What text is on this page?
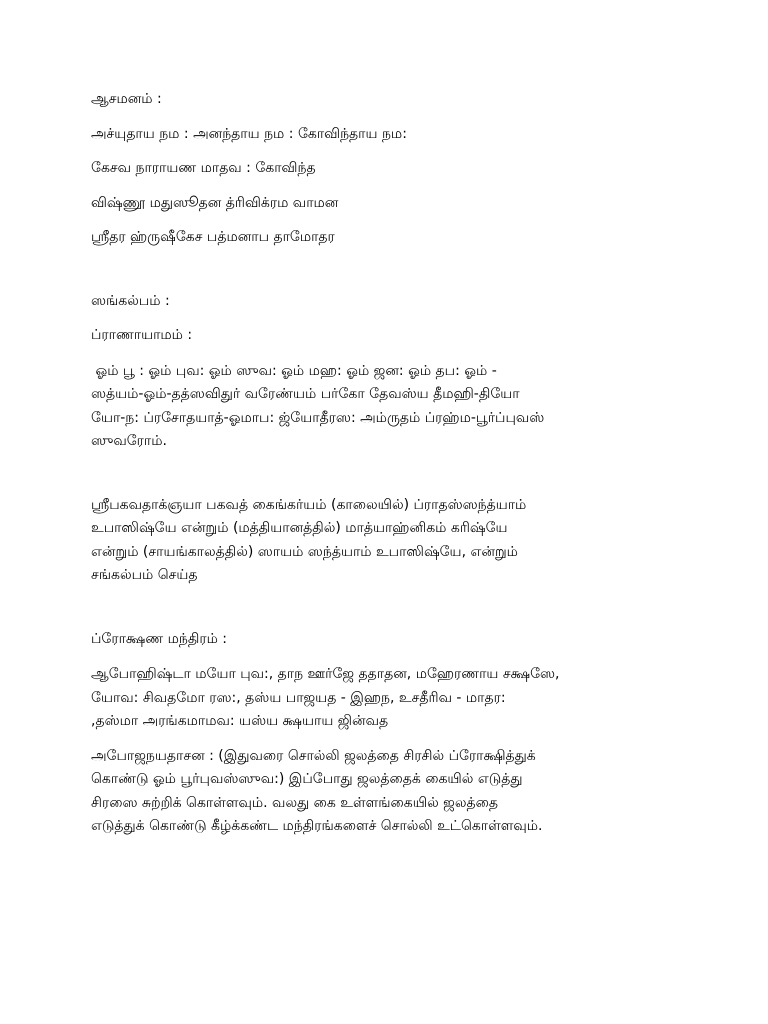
ஆசமனம் :

அச்யுதாய நம : அனந்தாய நம : கோவிந்தாய நம:

கேசவ நாராயண மாதவ : கோவிந்த

விஷ்ணூ மதுஸூதன த்ரிவிக்ரம வாமன

ஸ்ரீதர ஹ்ருஷீகேச பத்மனாப தாமோதர

ஸங்கல்பம் :

ப்ராணாயாமம் :

ஓம் பூ : ஓம் புவ: ஓம் ஸுவ: ஓம் மஹ: ஓம் ஜன: ஓம் தப: ஓம் -

ஸத்யம்-ஓம்-தத்ஸவிதுர் வரேண்யம் பர்கோ தேவஸ்ய தீமஹி-தியோ

யோ-ந: ப்ரசோதயாத்-ஓமாப: ஜ்யோதீரஸ: அம்ருதம் ப்ரஹ்ம-பூர்ப்புவஸ்

ஸுவரோம்.

ஸ்ரீபகவதாக்ஞயா பகவத் கைங்கர்யம் (காலையில்) ப்ராதஸ்ஸந்த்யாம்

உபாஸிஷ்யே என்றும் (மத்தியானத்தில்) மாத்யாஹ்னிகம் கரிஷ்யே

என்றும் (சாயங்காலத்தில்) ஸாயம் ஸந்த்யாம் உபாஸிஷ்யே, என்றும்

சங்கல்பம் செய்த

ப்ரோக்ஷண மந்திரம் :

ஆபோஹிஷ்டா மயோ புவ:, தாந ஊர்ஜே ததாதன, மஹேரணாய சக்ஷஸே,

யோவ: சிவதமோ ரஸ:, தஸ்ய பாஜயத - இஹந, உசதீரிவ - மாதர:

,தஸ்மா அரங்கமாமவ: யஸ்ய க்ஷயாய ஜின்வத

அபோஜநயதாசன : (இதுவரை சொல்லி ஜலத்தை சிரசில் ப்ரோக்ஷித்துக்

கொண்டு ஓம் பூர்புவஸ்ஸுவ:) இப்போது ஜலத்தைக் கையில் எடுத்து

சிரஸை சுற்றிக் கொள்ளவும். வலது கை உள்ளங்கையில் ஜலத்தை

எடுத்துக் கொண்டு கீழ்க்கண்ட மந்திரங்களைச் சொல்லி உட்கொள்ளவும்.
